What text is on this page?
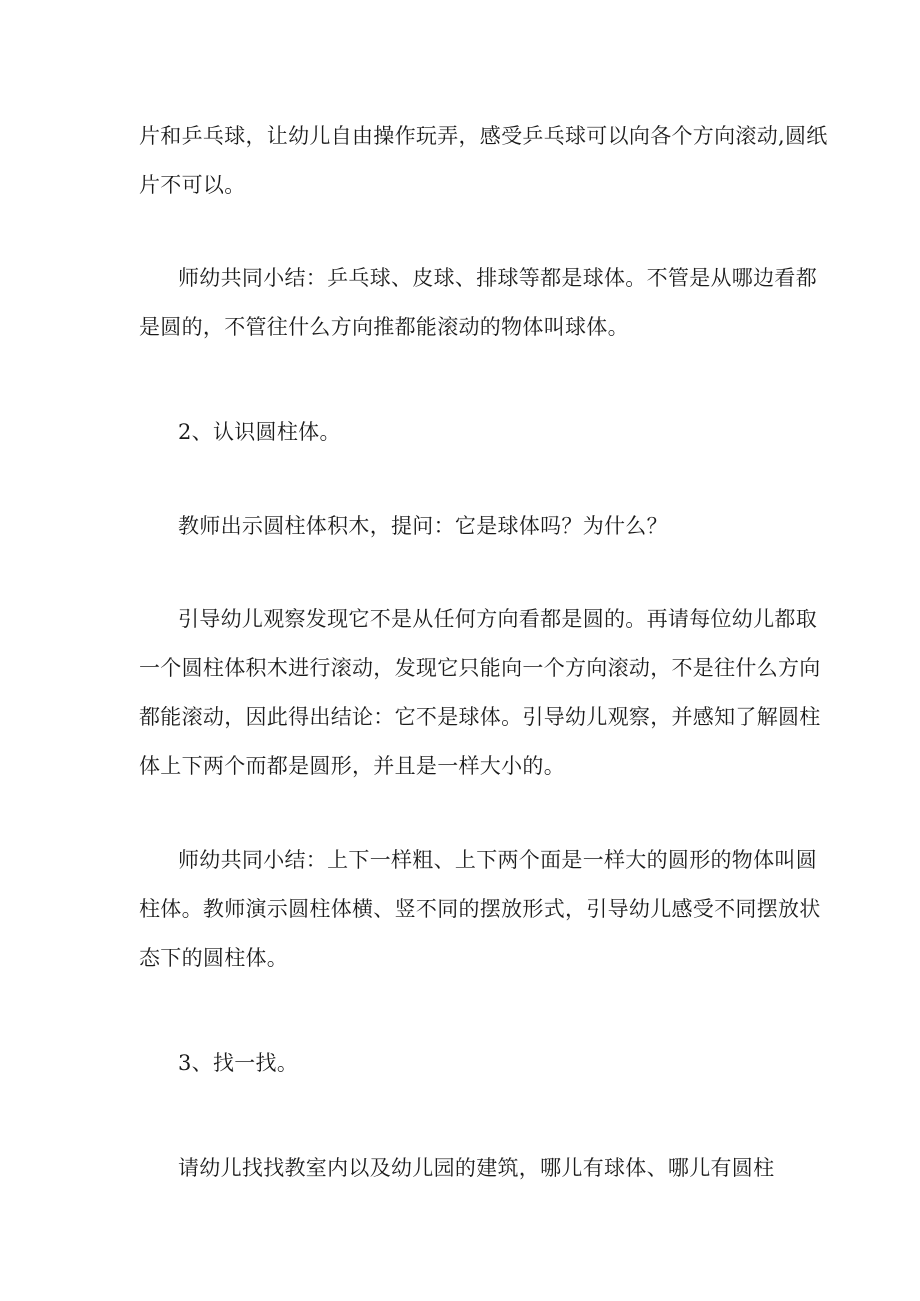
片和乒乓球，让幼儿自由操作玩弄，感受乒乓球可以向各个方向滚动,圆纸
片不可以。
师幼共同小结：乒乓球、皮球、排球等都是球体。不管是从哪边看都
是圆的，不管往什么方向推都能滚动的物体叫球体。
2、认识圆柱体。
教师出示圆柱体积木，提问：它是球体吗？为什么？
引导幼儿观察发现它不是从任何方向看都是圆的。再请每位幼儿都取
一个圆柱体积木进行滚动，发现它只能向一个方向滚动，不是往什么方向
都能滚动，因此得出结论：它不是球体。引导幼儿观察，并感知了解圆柱
体上下两个而都是圆形，并且是一样大小的。
师幼共同小结：上下一样粗、上下两个面是一样大的圆形的物体叫圆
柱体。教师演示圆柱体横、竖不同的摆放形式，引导幼儿感受不同摆放状
态下的圆柱体。
3、找一找。
请幼儿找找教室内以及幼儿园的建筑，哪儿有球体、哪儿有圆柱
